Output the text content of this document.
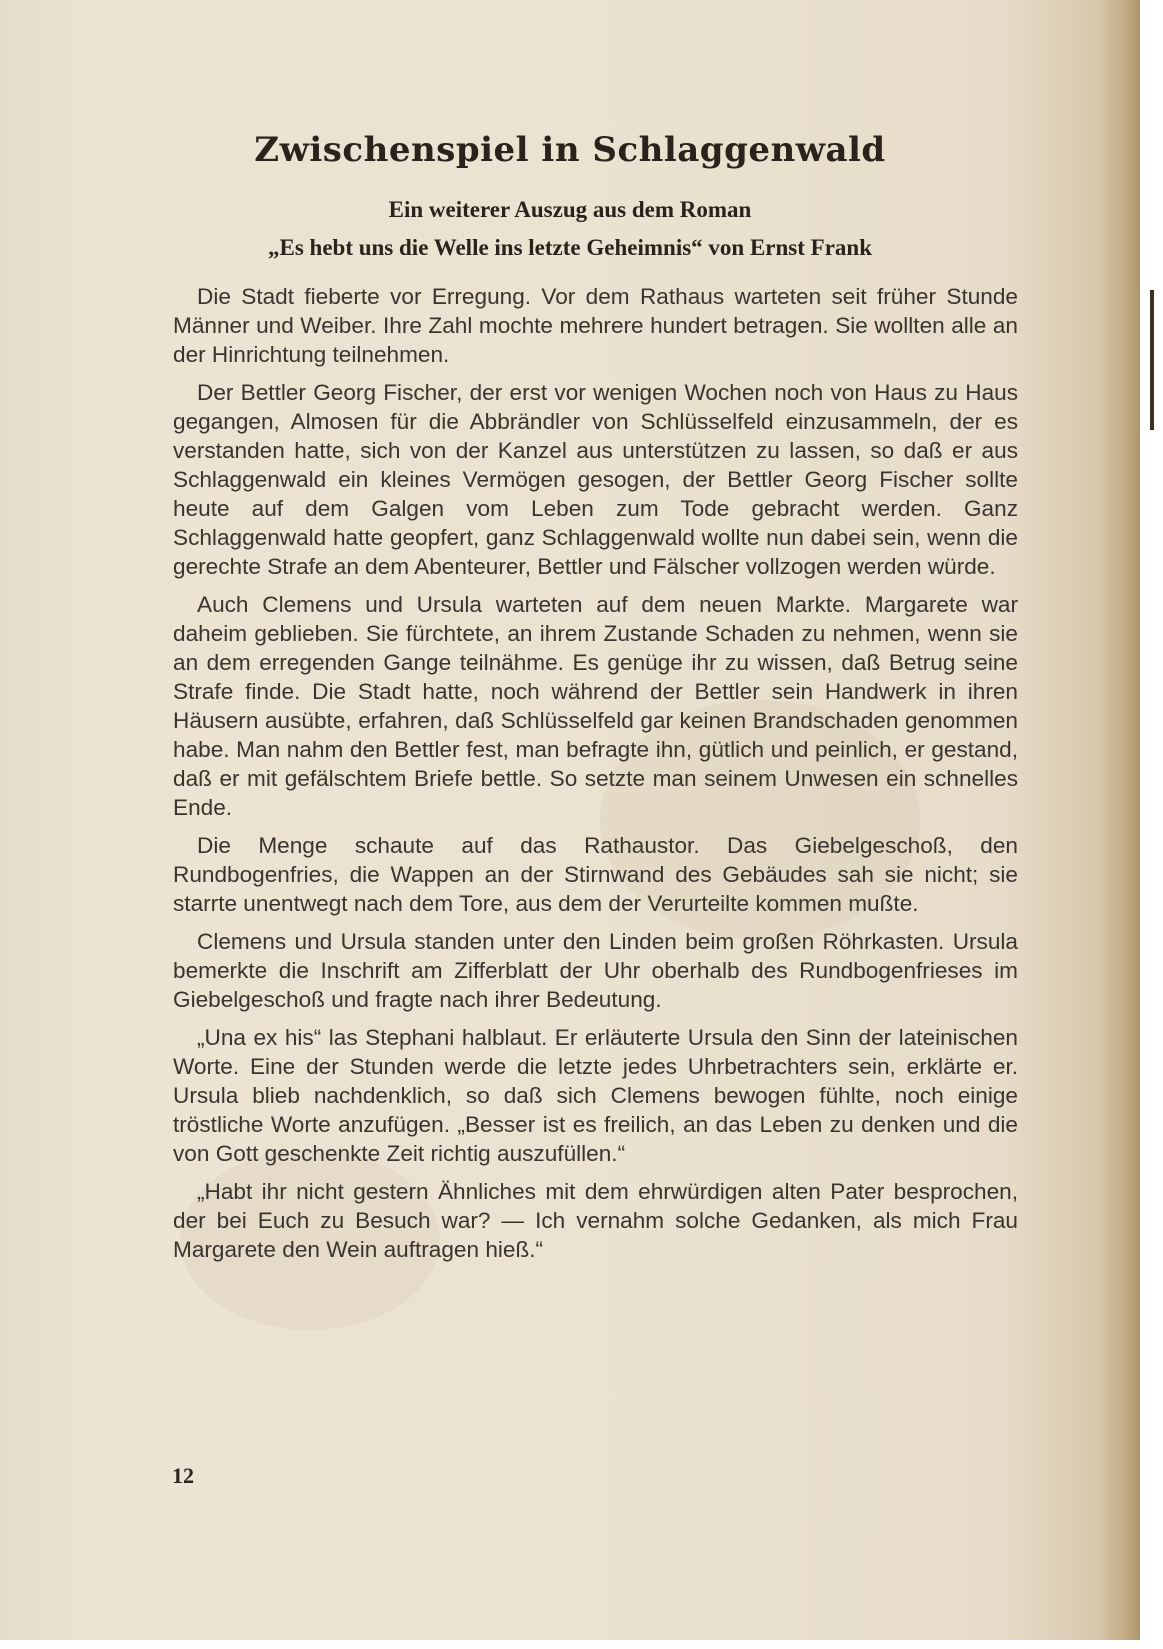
Zwischenspiel in Schlaggenwald
Ein weiterer Auszug aus dem Roman
„Es hebt uns die Welle ins letzte Geheimnis“ von Ernst Frank

Die Stadt fieberte vor Erregung. Vor dem Rathaus warteten seit früher Stunde Männer und Weiber. Ihre Zahl mochte mehrere hundert betragen. Sie wollten alle an der Hinrichtung teilnehmen.

Der Bettler Georg Fischer, der erst vor wenigen Wochen noch von Haus zu Haus gegangen, Almosen für die Abbrändler von Schlüsselfeld einzusammeln, der es verstanden hatte, sich von der Kanzel aus unterstützen zu lassen, so daß er aus Schlaggenwald ein kleines Vermögen gesogen, der Bettler Georg Fischer sollte heute auf dem Galgen vom Leben zum Tode gebracht werden. Ganz Schlaggenwald hatte geopfert, ganz Schlaggenwald wollte nun dabei sein, wenn die gerechte Strafe an dem Abenteurer, Bettler und Fälscher vollzogen werden würde.

Auch Clemens und Ursula warteten auf dem neuen Markte. Margarete war daheim geblieben. Sie fürchtete, an ihrem Zustande Schaden zu nehmen, wenn sie an dem erregenden Gange teilnähme. Es genüge ihr zu wissen, daß Betrug seine Strafe finde. Die Stadt hatte, noch während der Bettler sein Handwerk in ihren Häusern ausübte, erfahren, daß Schlüsselfeld gar keinen Brandschaden genommen habe. Man nahm den Bettler fest, man befragte ihn, gütlich und peinlich, er gestand, daß er mit gefälschtem Briefe bettle. So setzte man seinem Unwesen ein schnelles Ende.

Die Menge schaute auf das Rathaustor. Das Giebelgeschoß, den Rundbogenfries, die Wappen an der Stirnwand des Gebäudes sah sie nicht; sie starrte unentwegt nach dem Tore, aus dem der Verurteilte kommen mußte.

Clemens und Ursula standen unter den Linden beim großen Röhrkasten. Ursula bemerkte die Inschrift am Zifferblatt der Uhr oberhalb des Rundbogenfrieses im Giebelgeschoß und fragte nach ihrer Bedeutung.

„Una ex his“ las Stephani halblaut. Er erläuterte Ursula den Sinn der lateinischen Worte. Eine der Stunden werde die letzte jedes Uhrbetrachters sein, erklärte er. Ursula blieb nachdenklich, so daß sich Clemens bewogen fühlte, noch einige tröstliche Worte anzufügen. „Besser ist es freilich, an das Leben zu denken und die von Gott geschenkte Zeit richtig auszufüllen.“

„Habt ihr nicht gestern Ähnliches mit dem ehrwürdigen alten Pater besprochen, der bei Euch zu Besuch war? — Ich vernahm solche Gedanken, als mich Frau Margarete den Wein auftragen hieß.“

12
